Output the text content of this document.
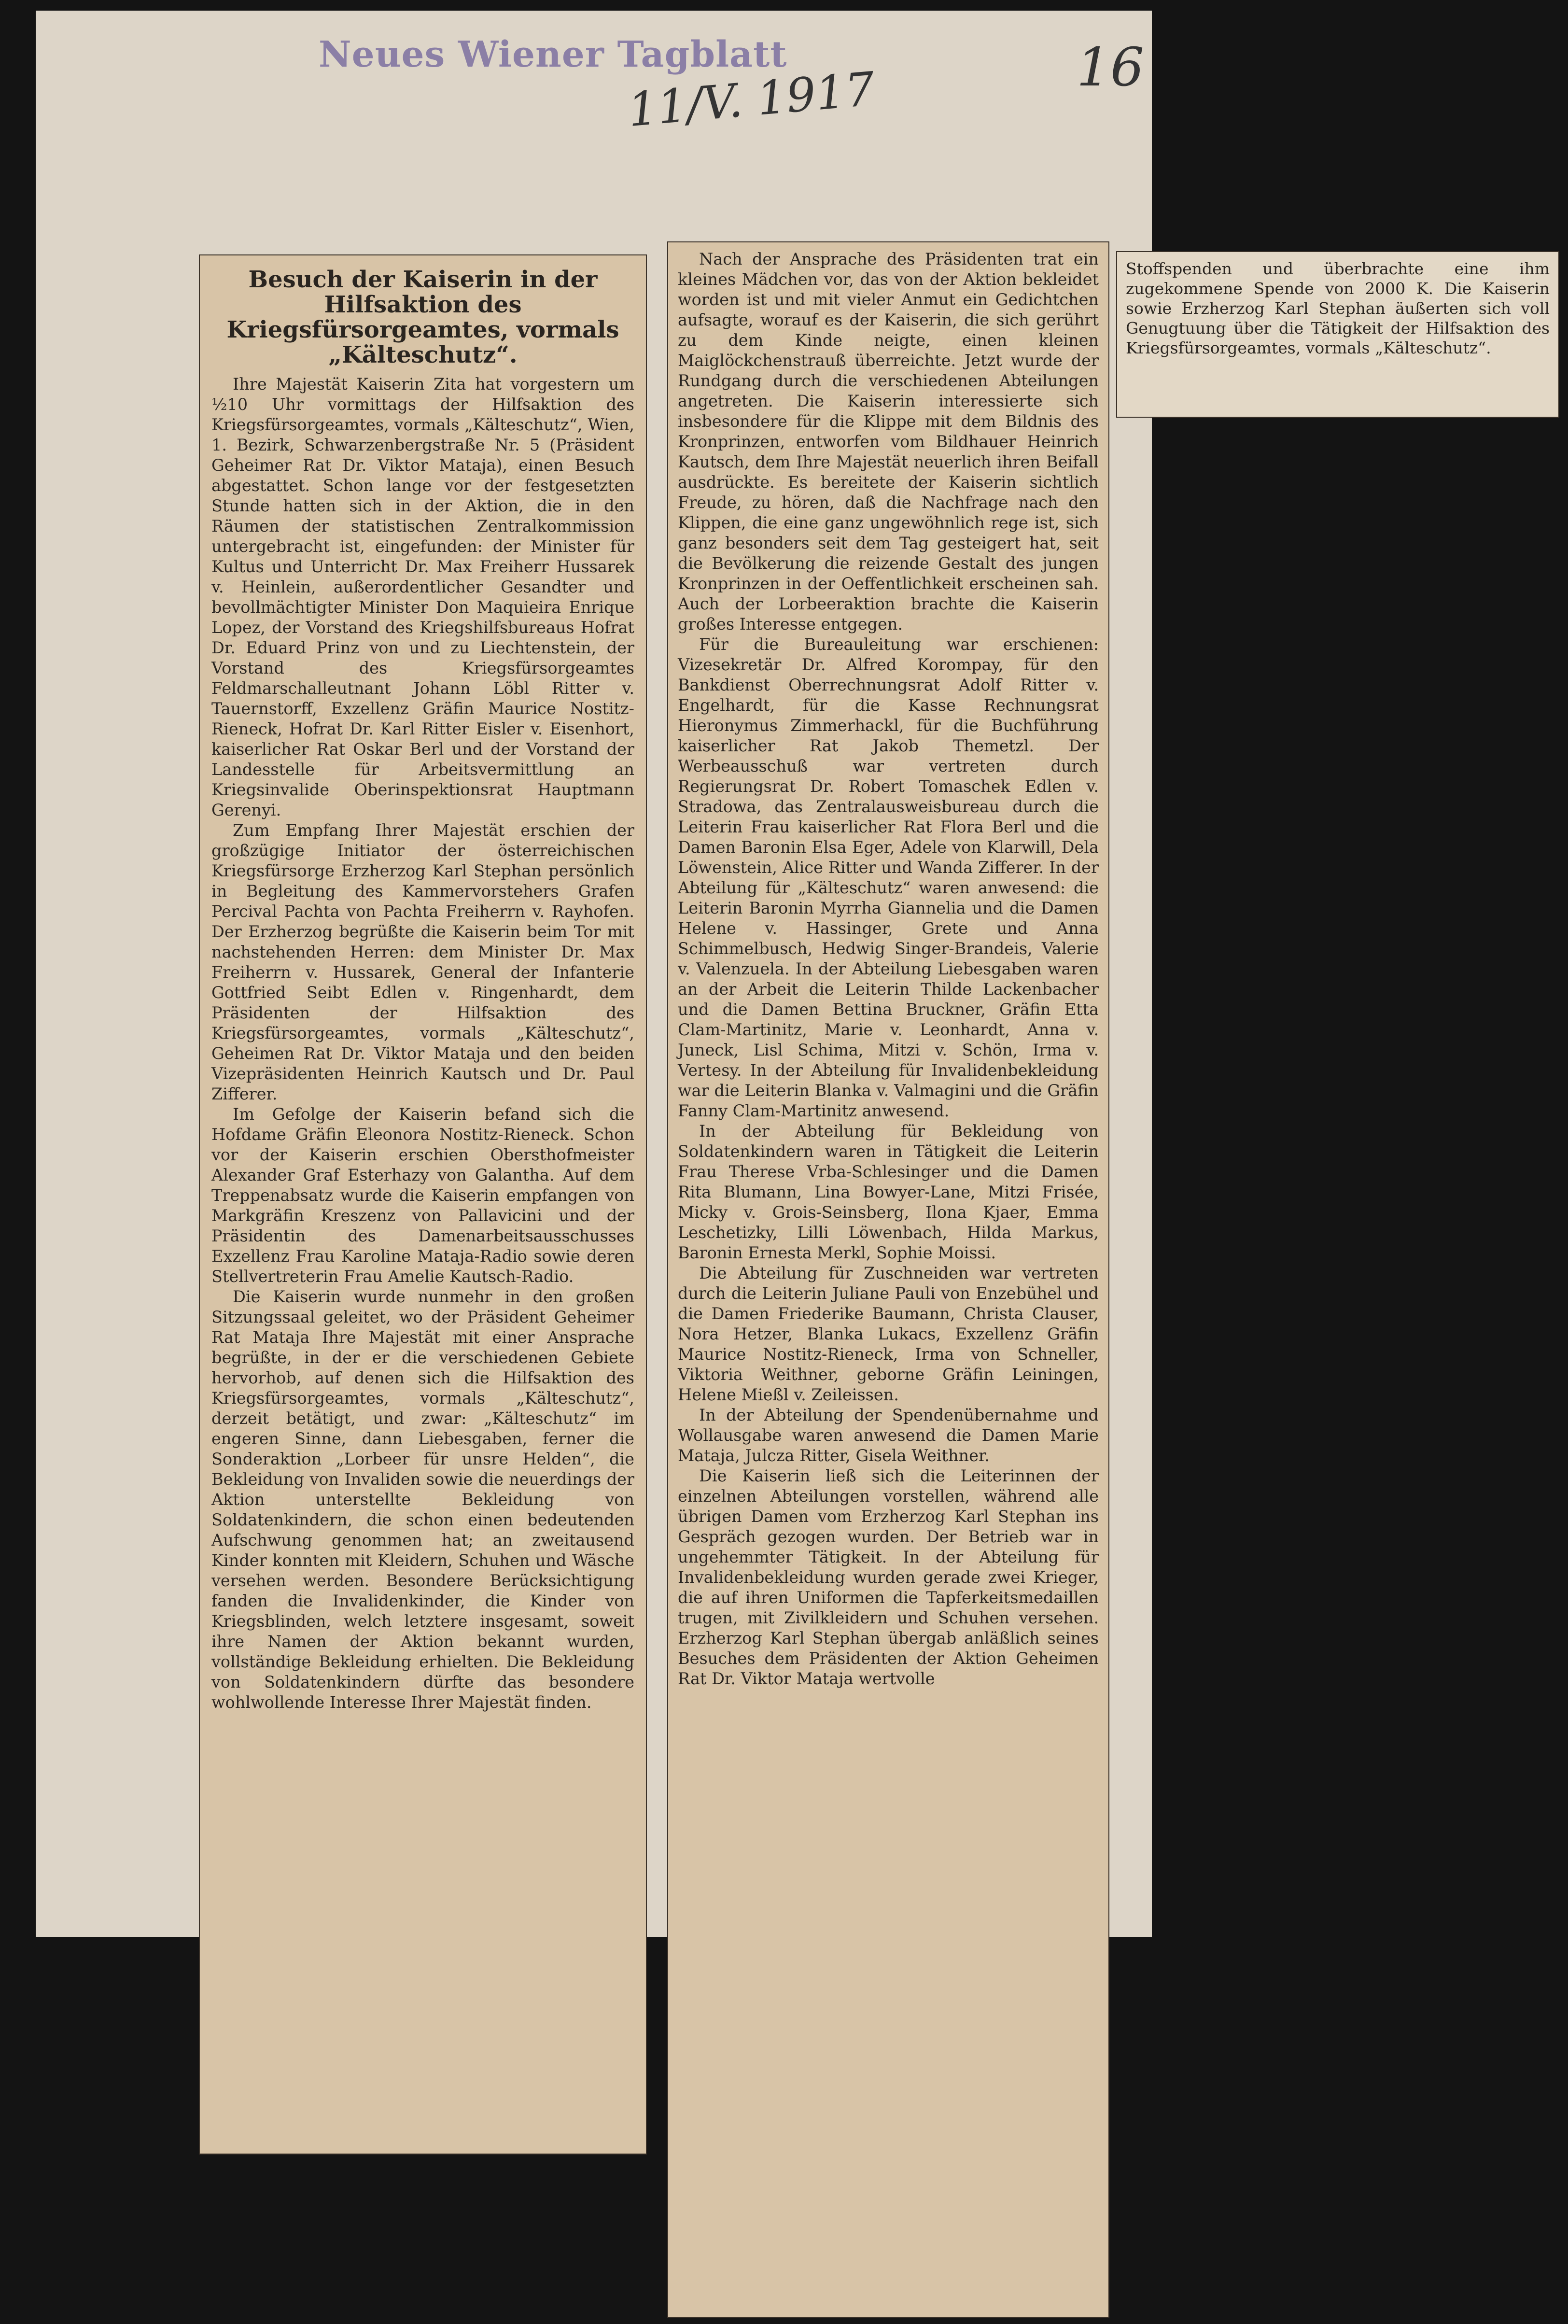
Neues Wiener Tagblatt
11/V. 1917	16
Besuch der Kaiserin in der Hilfsaktion des Kriegsfürsorgeamtes, vormals „Kälteschutz“.

Ihre Majestät Kaiserin Zita hat vorgestern um ½10 Uhr vormittags der Hilfsaktion des Kriegsfürsorgeamtes, vormals „Kälteschutz“, Wien, 1. Bezirk, Schwarzenbergstraße Nr. 5 (Präsident Geheimer Rat Dr. Viktor Mataja), einen Besuch abgestattet. Schon lange vor der festgesetzten Stunde hatten sich in der Aktion, die in den Räumen der statistischen Zentralkommission untergebracht ist, eingefunden: der Minister für Kultus und Unterricht Dr. Max Freiherr Hussarek v. Heinlein, außerordentlicher Gesandter und bevollmächtigter Minister Don Maquieira Enrique Lopez, der Vorstand des Kriegshilfsbureaus Hofrat Dr. Eduard Prinz von und zu Liechtenstein, der Vorstand des Kriegsfürsorgeamtes Feldmarschalleutnant Johann Löbl Ritter v. Tauernstorff, Exzellenz Gräfin Maurice Nostitz-Rieneck, Hofrat Dr. Karl Ritter Eisler v. Eisenhort, kaiserlicher Rat Oskar Berl und der Vorstand der Landesstelle für Arbeitsvermittlung an Kriegsinvalide Oberinspektionsrat Hauptmann Gerenyi.

Zum Empfang Ihrer Majestät erschien der großzügige Initiator der österreichischen Kriegsfürsorge Erzherzog Karl Stephan persönlich in Begleitung des Kammervorstehers Grafen Percival Pachta von Pachta Freiherrn v. Rayhofen. Der Erzherzog begrüßte die Kaiserin beim Tor mit nachstehenden Herren: dem Minister Dr. Max Freiherrn v. Hussarek, General der Infanterie Gottfried Seibt Edlen v. Ringenhardt, dem Präsidenten der Hilfsaktion des Kriegsfürsorgeamtes, vormals „Kälteschutz“, Geheimen Rat Dr. Viktor Mataja und den beiden Vizepräsidenten Heinrich Kautsch und Dr. Paul Zifferer.

Im Gefolge der Kaiserin befand sich die Hofdame Gräfin Eleonora Nostitz-Rieneck. Schon vor der Kaiserin erschien Obersthofmeister Alexander Graf Esterhazy von Galantha. Auf dem Treppenabsatz wurde die Kaiserin empfangen von Markgräfin Kreszenz von Pallavicini und der Präsidentin des Damenarbeitsausschusses Exzellenz Frau Karoline Mataja-Radio sowie deren Stellvertreterin Frau Amelie Kautsch-Radio.

Die Kaiserin wurde nunmehr in den großen Sitzungssaal geleitet, wo der Präsident Geheimer Rat Mataja Ihre Majestät mit einer Ansprache begrüßte, in der er die verschiedenen Gebiete hervorhob, auf denen sich die Hilfsaktion des Kriegsfürsorgeamtes, vormals „Kälteschutz“, derzeit betätigt, und zwar: „Kälteschutz“ im engeren Sinne, dann Liebesgaben, ferner die Sonderaktion „Lorbeer für unsre Helden“, die Bekleidung von Invaliden sowie die neuerdings der Aktion unterstellte Bekleidung von Soldatenkindern, die schon einen bedeutenden Aufschwung genommen hat; an zweitausend Kinder konnten mit Kleidern, Schuhen und Wäsche versehen werden. Besondere Berücksichtigung fanden die Invalidenkinder, die Kinder von Kriegsblinden, welch letztere insgesamt, soweit ihre Namen der Aktion bekannt wurden, vollständige Bekleidung erhielten. Die Bekleidung von Soldatenkindern dürfte das besondere wohlwollende Interesse Ihrer Majestät finden.

Nach der Ansprache des Präsidenten trat ein kleines Mädchen vor, das von der Aktion bekleidet worden ist und mit vieler Anmut ein Gedichtchen aufsagte, worauf es der Kaiserin, die sich gerührt zu dem Kinde neigte, einen kleinen Maiglöckchenstrauß überreichte. Jetzt wurde der Rundgang durch die verschiedenen Abteilungen angetreten. Die Kaiserin interessierte sich insbesondere für die Klippe mit dem Bildnis des Kronprinzen, entworfen vom Bildhauer Heinrich Kautsch, dem Ihre Majestät neuerlich ihren Beifall ausdrückte. Es bereitete der Kaiserin sichtlich Freude, zu hören, daß die Nachfrage nach den Klippen, die eine ganz ungewöhnlich rege ist, sich ganz besonders seit dem Tag gesteigert hat, seit die Bevölkerung die reizende Gestalt des jungen Kronprinzen in der Oeffentlichkeit erscheinen sah. Auch der Lorbeeraktion brachte die Kaiserin großes Interesse entgegen.

Für die Bureauleitung war erschienen: Vizesekretär Dr. Alfred Korompay, für den Bankdienst Oberrechnungsrat Adolf Ritter v. Engelhardt, für die Kasse Rechnungsrat Hieronymus Zimmerhackl, für die Buchführung kaiserlicher Rat Jakob Themetzl. Der Werbeausschuß war vertreten durch Regierungsrat Dr. Robert Tomaschek Edlen v. Stradowa, das Zentralausweisbureau durch die Leiterin Frau kaiserlicher Rat Flora Berl und die Damen Baronin Elsa Eger, Adele von Klarwill, Dela Löwenstein, Alice Ritter und Wanda Zifferer. In der Abteilung für „Kälteschutz“ waren anwesend: die Leiterin Baronin Myrrha Giannelia und die Damen Helene v. Hassinger, Grete und Anna Schimmelbusch, Hedwig Singer-Brandeis, Valerie v. Valenzuela. In der Abteilung Liebesgaben waren an der Arbeit die Leiterin Thilde Lackenbacher und die Damen Bettina Bruckner, Gräfin Etta Clam-Martinitz, Marie v. Leonhardt, Anna v. Juneck, Lisl Schima, Mitzi v. Schön, Irma v. Vertesy. In der Abteilung für Invalidenbekleidung war die Leiterin Blanka v. Valmagini und die Gräfin Fanny Clam-Martinitz anwesend.

In der Abteilung für Bekleidung von Soldatenkindern waren in Tätigkeit die Leiterin Frau Therese Vrba-Schlesinger und die Damen Rita Blumann, Lina Bowyer-Lane, Mitzi Frisée, Micky v. Grois-Seinsberg, Ilona Kjaer, Emma Leschetizky, Lilli Löwenbach, Hilda Markus, Baronin Ernesta Merkl, Sophie Moissi.

Die Abteilung für Zuschneiden war vertreten durch die Leiterin Juliane Pauli von Enzebühel und die Damen Friederike Baumann, Christa Clauser, Nora Hetzer, Blanka Lukacs, Exzellenz Gräfin Maurice Nostitz-Rieneck, Irma von Schneller, Viktoria Weithner, geborne Gräfin Leiningen, Helene Mießl v. Zeileissen.

In der Abteilung der Spendenübernahme und Wollausgabe waren anwesend die Damen Marie Mataja, Julcza Ritter, Gisela Weithner.

Die Kaiserin ließ sich die Leiterinnen der einzelnen Abteilungen vorstellen, während alle übrigen Damen vom Erzherzog Karl Stephan ins Gespräch gezogen wurden. Der Betrieb war in ungehemmter Tätigkeit. In der Abteilung für Invalidenbekleidung wurden gerade zwei Krieger, die auf ihren Uniformen die Tapferkeitsmedaillen trugen, mit Zivilkleidern und Schuhen versehen. Erzherzog Karl Stephan übergab anläßlich seines Besuches dem Präsidenten der Aktion Geheimen Rat Dr. Viktor Mataja wertvolle

Stoffspenden und überbrachte eine ihm zugekommene Spende von 2000 K. Die Kaiserin sowie Erzherzog Karl Stephan äußerten sich voll Genugtuung über die Tätigkeit der Hilfsaktion des Kriegsfürsorgeamtes, vormals „Kälteschutz“.
